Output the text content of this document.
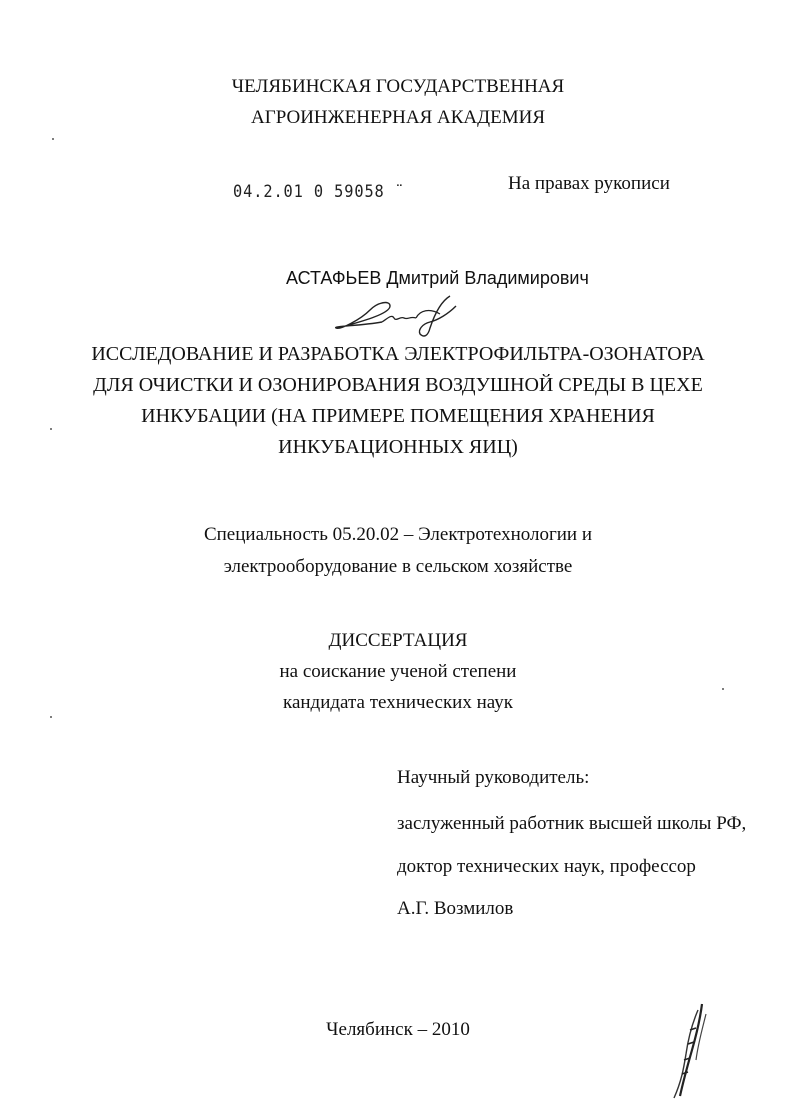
ЧЕЛЯБИНСКАЯ ГОСУДАРСТВЕННАЯ
АГРОИНЖЕНЕРНАЯ АКАДЕМИЯ
04.2.01 0 59058 ¨	На правах рукописи
АСТАФЬЕВ Дмитрий Владимирович
ИССЛЕДОВАНИЕ И РАЗРАБОТКА ЭЛЕКТРОФИЛЬТРА-ОЗОНАТОРА
ДЛЯ ОЧИСТКИ И ОЗОНИРОВАНИЯ ВОЗДУШНОЙ СРЕДЫ В ЦЕХЕ
ИНКУБАЦИИ (НА ПРИМЕРЕ ПОМЕЩЕНИЯ ХРАНЕНИЯ
ИНКУБАЦИОННЫХ ЯИЦ)
Специальность 05.20.02 – Электротехнологии и
электрооборудование в сельском хозяйстве
ДИССЕРТАЦИЯ
на соискание ученой степени
кандидата технических наук
Научный руководитель:
заслуженный работник высшей школы РФ,
доктор технических наук, профессор
А.Г. Возмилов
Челябинск – 2010
